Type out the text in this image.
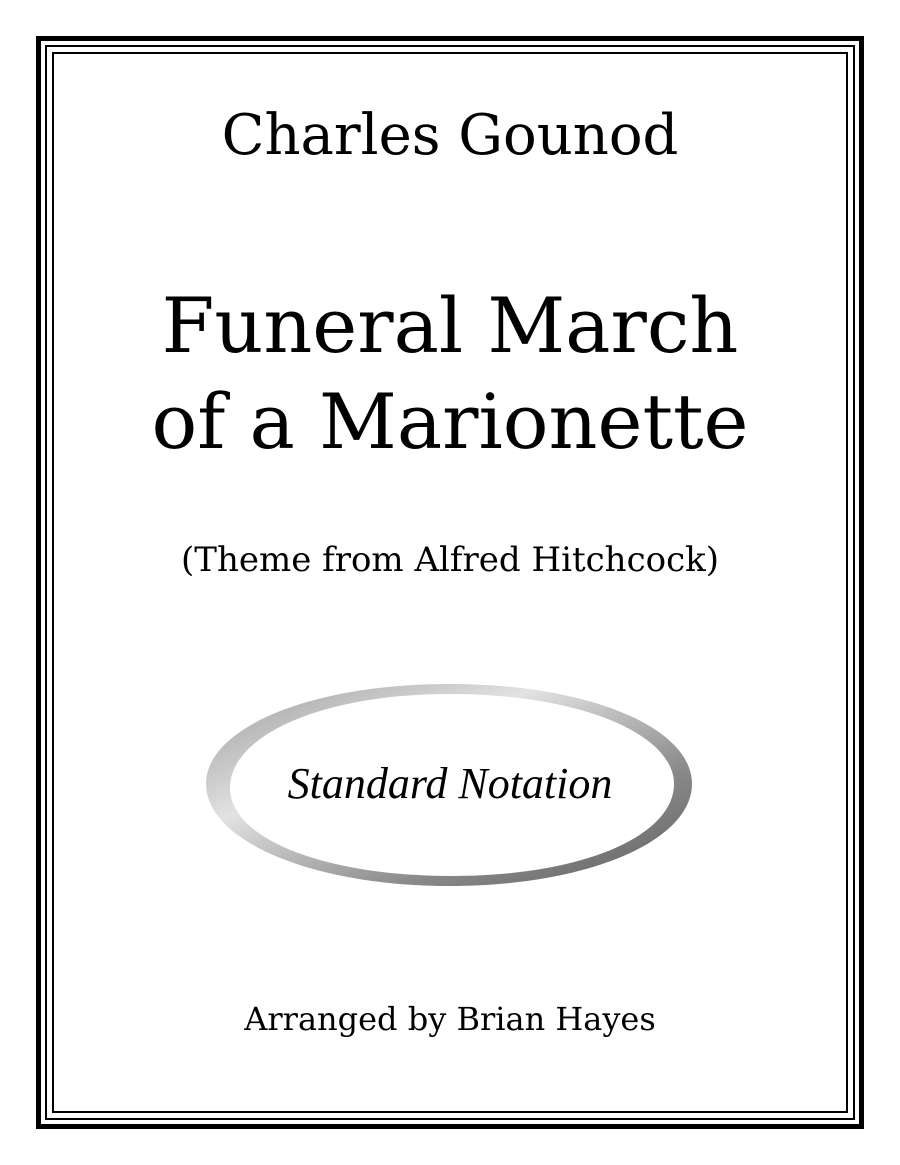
Charles Gounod
Funeral March
of a Marionette
(Theme from Alfred Hitchcock)
Standard Notation
Arranged by Brian Hayes
